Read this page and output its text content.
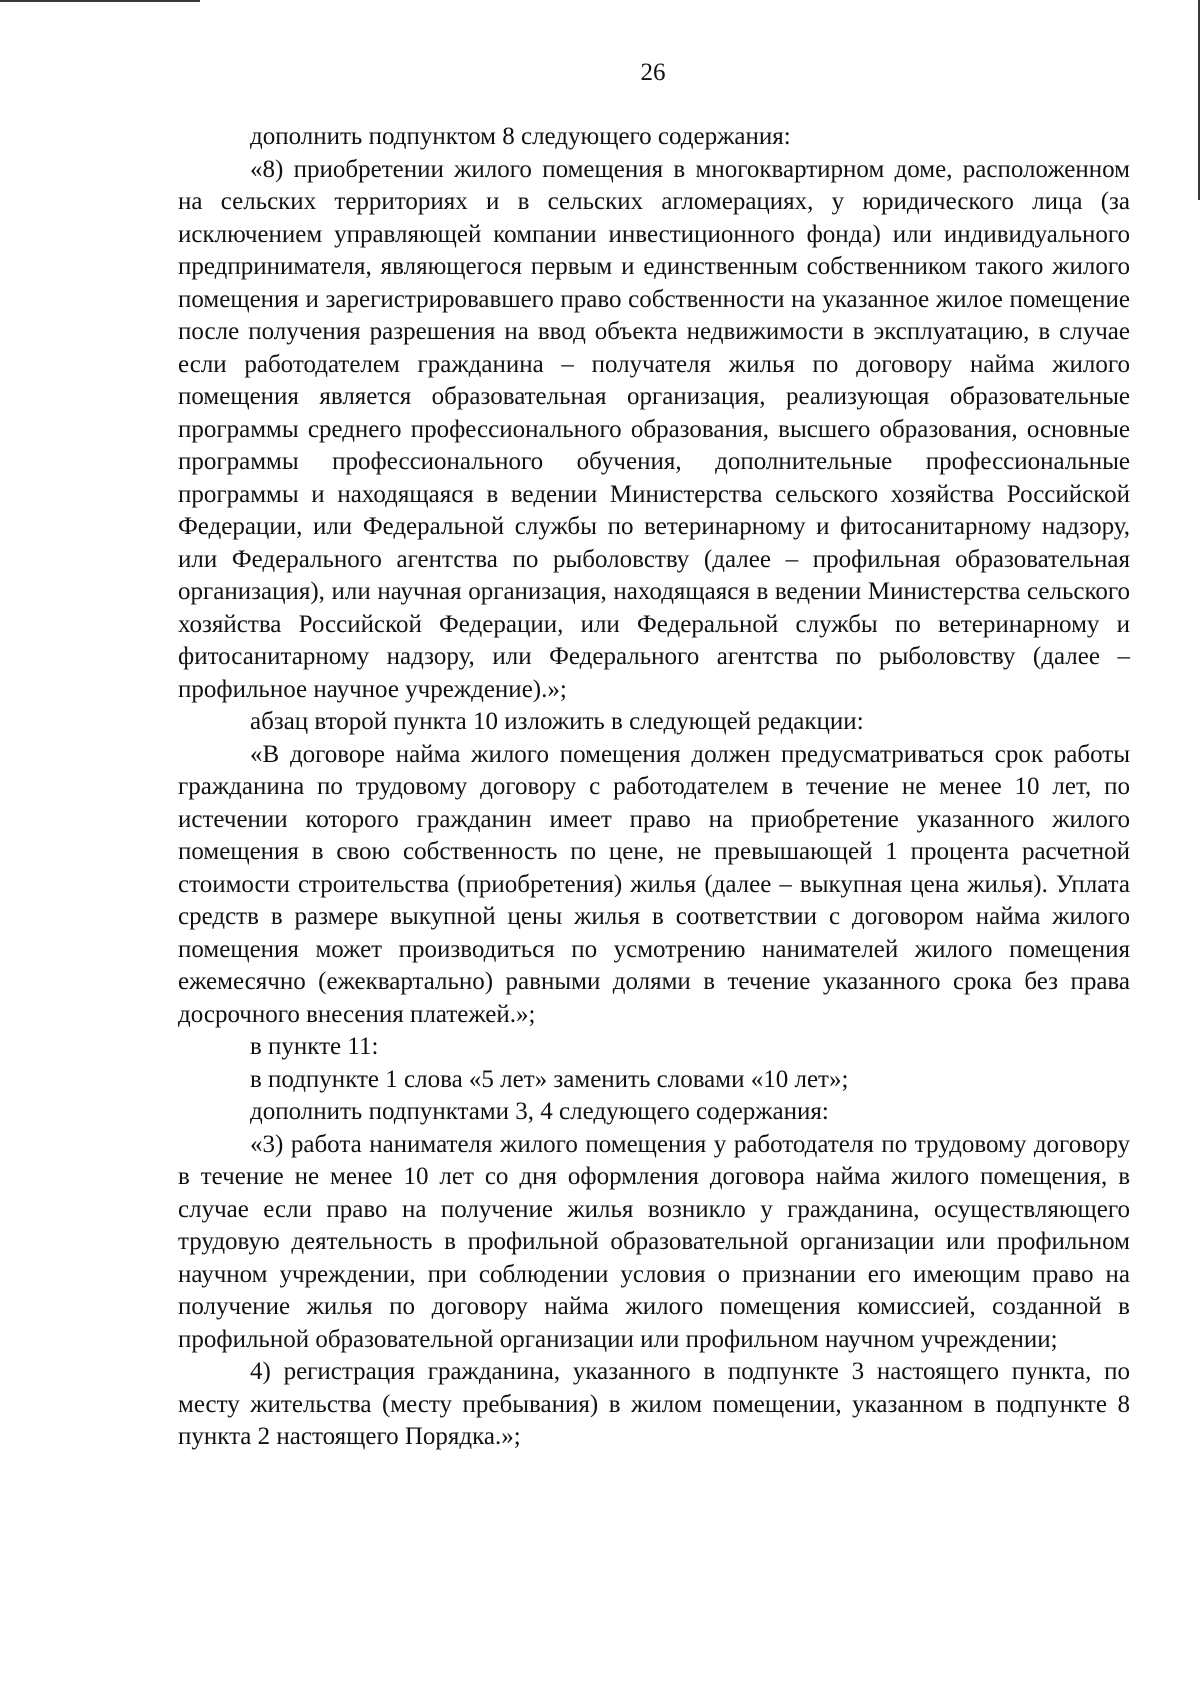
26

дополнить подпунктом 8 следующего содержания:

«8) приобретении жилого помещения в многоквартирном доме, расположенном на сельских территориях и в сельских агломерациях, у юридического лица (за исключением управляющей компании инвестиционного фонда) или индивидуального предпринимателя, являющегося первым и единственным собственником такого жилого помещения и зарегистрировавшего право собственности на указанное жилое помещение после получения разрешения на ввод объекта недвижимости в эксплуатацию, в случае если работодателем гражданина – получателя жилья по договору найма жилого помещения является образовательная организация, реализующая образовательные программы среднего профессионального образования, высшего образования, основные программы профессионального обучения, дополнительные профессиональные программы и находящаяся в ведении Министерства сельского хозяйства Российской Федерации, или Федеральной службы по ветеринарному и фитосанитарному надзору, или Федерального агентства по рыболовству (далее – профильная образовательная организация), или научная организация, находящаяся в ведении Министерства сельского хозяйства Российской Федерации, или Федеральной службы по ветеринарному и фитосанитарному надзору, или Федерального агентства по рыболовству (далее – профильное научное учреждение).»;

абзац второй пункта 10 изложить в следующей редакции:

«В договоре найма жилого помещения должен предусматриваться срок работы гражданина по трудовому договору с работодателем в течение не менее 10 лет, по истечении которого гражданин имеет право на приобретение указанного жилого помещения в свою собственность по цене, не превышающей 1 процента расчетной стоимости строительства (приобретения) жилья (далее – выкупная цена жилья). Уплата средств в размере выкупной цены жилья в соответствии с договором найма жилого помещения может производиться по усмотрению нанимателей жилого помещения ежемесячно (ежеквартально) равными долями в течение указанного срока без права досрочного внесения платежей.»;

в пункте 11:

в подпункте 1 слова «5 лет» заменить словами «10 лет»;

дополнить подпунктами 3, 4 следующего содержания:

«3) работа нанимателя жилого помещения у работодателя по трудовому договору в течение не менее 10 лет со дня оформления договора найма жилого помещения, в случае если право на получение жилья возникло у гражданина, осуществляющего трудовую деятельность в профильной образовательной организации или профильном научном учреждении, при соблюдении условия о признании его имеющим право на получение жилья по договору найма жилого помещения комиссией, созданной в профильной образовательной организации или профильном научном учреждении;

4) регистрация гражданина, указанного в подпункте 3 настоящего пункта, по месту жительства (месту пребывания) в жилом помещении, указанном в подпункте 8 пункта 2 настоящего Порядка.»;
